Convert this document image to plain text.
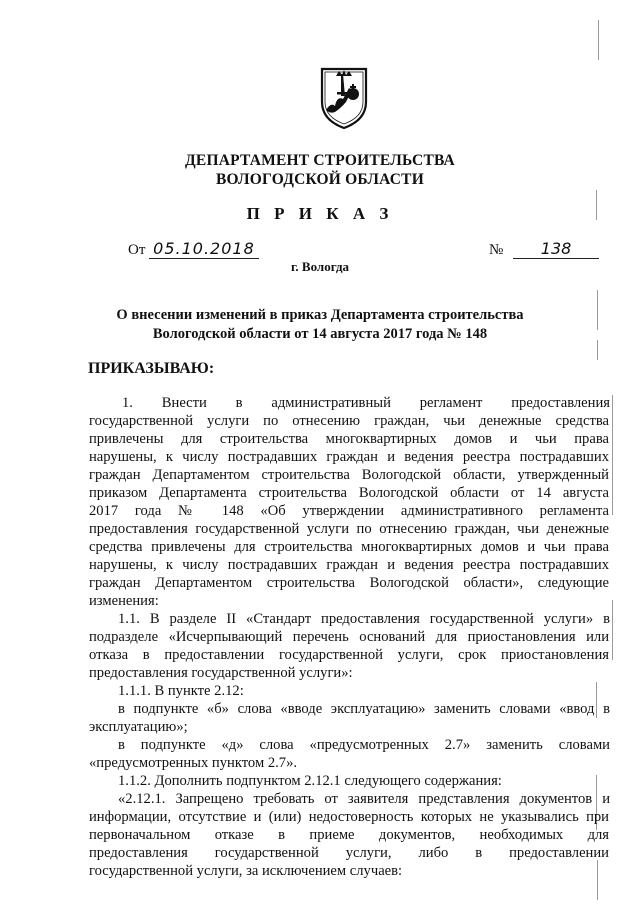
ДЕПАРТАМЕНТ СТРОИТЕЛЬСТВА
ВОЛОГОДСКОЙ ОБЛАСТИ
П Р И К А З
От 05.10.2018	№ 138
г. Вологда
О внесении изменений в приказ Департамента строительства
Вологодской области от 14 августа 2017 года № 148
ПРИКАЗЫВАЮ:
1. Внести в административный регламент предоставления
государственной услуги по отнесению граждан, чьи денежные средства
привлечены для строительства многоквартирных домов и чьи права
нарушены, к числу пострадавших граждан и ведения реестра пострадавших
граждан Департаментом строительства Вологодской области, утвержденный
приказом Департамента строительства Вологодской области от 14 августа
2017 года № 148 «Об утверждении административного регламента
предоставления государственной услуги по отнесению граждан, чьи денежные
средства привлечены для строительства многоквартирных домов и чьи права
нарушены, к числу пострадавших граждан и ведения реестра пострадавших
граждан Департаментом строительства Вологодской области», следующие
изменения:
1.1. В разделе II «Стандарт предоставления государственной услуги» в
подразделе «Исчерпывающий перечень оснований для приостановления или
отказа в предоставлении государственной услуги, срок приостановления
предоставления государственной услуги»:
1.1.1. В пункте 2.12:
в подпункте «б» слова «вводе эксплуатацию» заменить словами «ввод в
эксплуатацию»;
в подпункте «д» слова «предусмотренных 2.7» заменить словами
«предусмотренных пунктом 2.7».
1.1.2. Дополнить подпунктом 2.12.1 следующего содержания:
«2.12.1. Запрещено требовать от заявителя представления документов и
информации, отсутствие и (или) недостоверность которых не указывались при
первоначальном отказе в приеме документов, необходимых для
предоставления государственной услуги, либо в предоставлении
государственной услуги, за исключением случаев:
